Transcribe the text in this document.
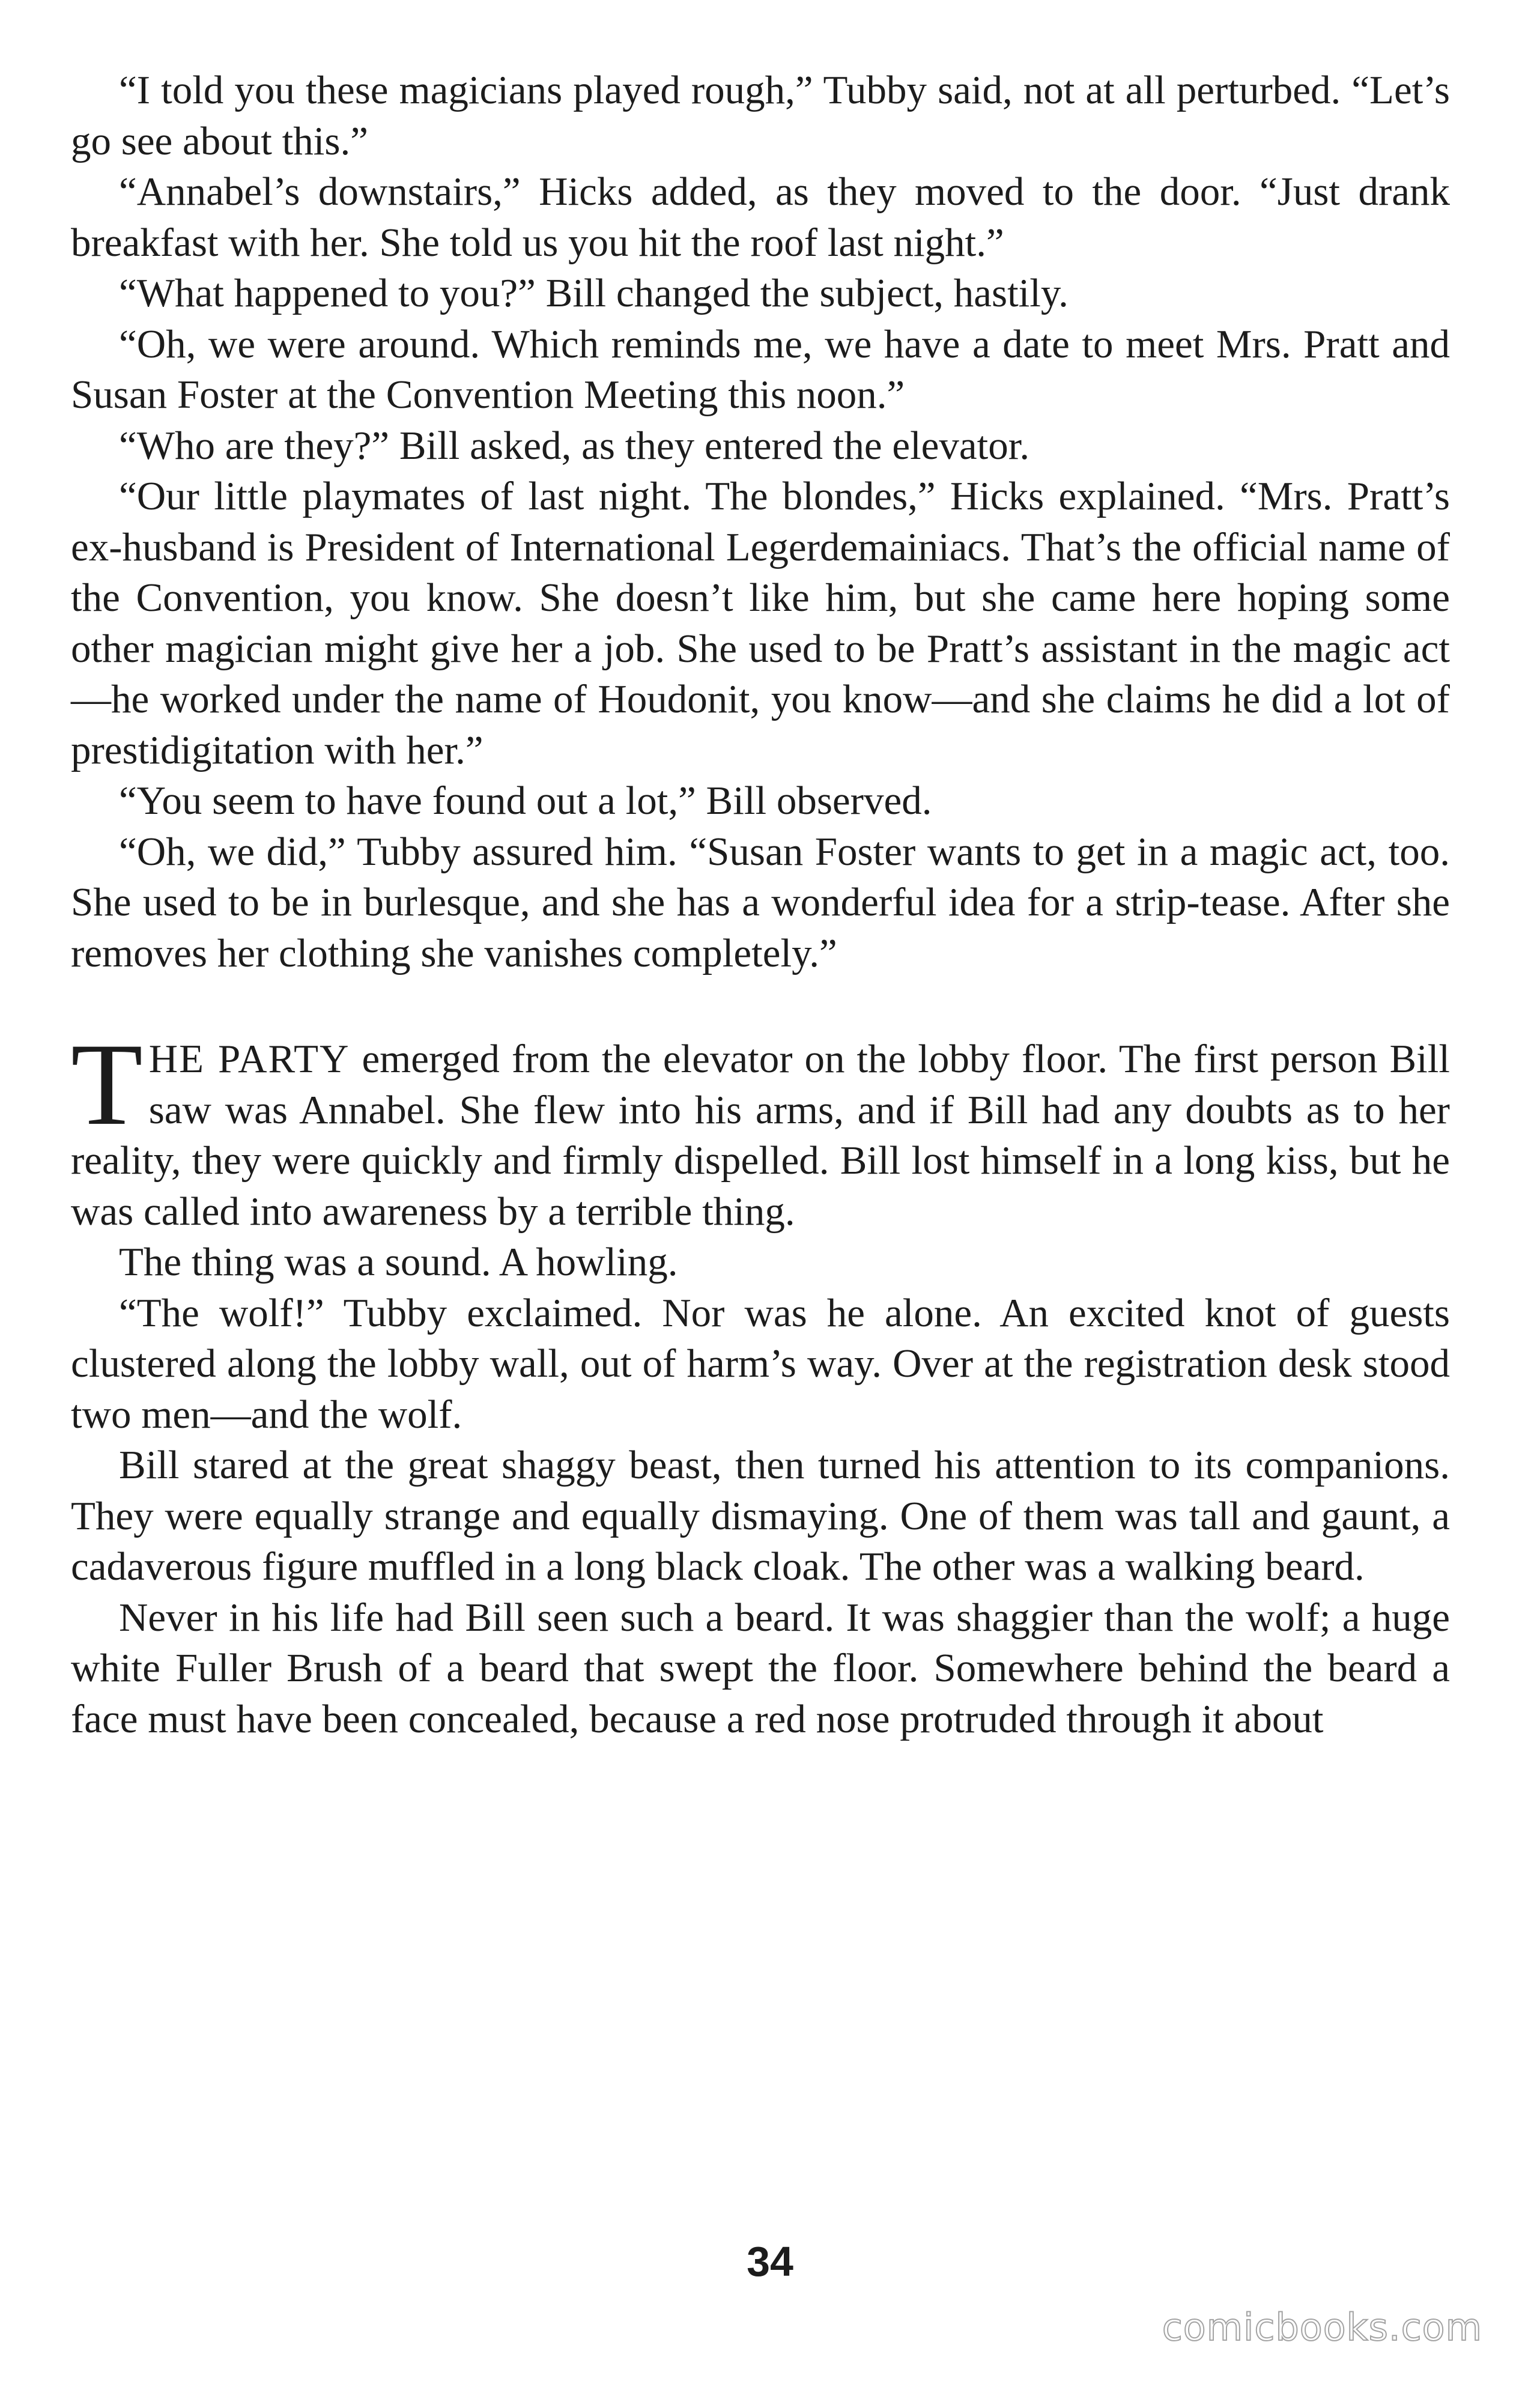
“I told you these magicians played rough,” Tubby said, not at all perturbed. “Let’s go see about this.”

“Annabel’s downstairs,” Hicks added, as they moved to the door. “Just drank breakfast with her. She told us you hit the roof last night.”

“What happened to you?” Bill changed the subject, hastily.

“Oh, we were around. Which reminds me, we have a date to meet Mrs. Pratt and Susan Foster at the Convention Meeting this noon.”

“Who are they?” Bill asked, as they entered the elevator.

“Our little playmates of last night. The blondes,” Hicks explained. “Mrs. Pratt’s ex-husband is President of International Legerdemainiacs. That’s the official name of the Convention, you know. She doesn’t like him, but she came here hoping some other magician might give her a job. She used to be Pratt’s assistant in the magic act—he worked under the name of Houdonit, you know—and she claims he did a lot of prestidigitation with her.”

“You seem to have found out a lot,” Bill observed.

“Oh, we did,” Tubby assured him. “Susan Foster wants to get in a magic act, too. She used to be in burlesque, and she has a wonderful idea for a strip-tease. After she removes her clothing she vanishes completely.”

THE PARTY emerged from the elevator on the lobby floor. The first person Bill saw was Annabel. She flew into his arms, and if Bill had any doubts as to her reality, they were quickly and firmly dispelled. Bill lost himself in a long kiss, but he was called into awareness by a terrible thing.

The thing was a sound. A howling.

“The wolf!” Tubby exclaimed. Nor was he alone. An excited knot of guests clustered along the lobby wall, out of harm’s way. Over at the registration desk stood two men—and the wolf.

Bill stared at the great shaggy beast, then turned his attention to its companions. They were equally strange and equally dismaying. One of them was tall and gaunt, a cadaverous figure muffled in a long black cloak. The other was a walking beard.

Never in his life had Bill seen such a beard. It was shaggier than the wolf; a huge white Fuller Brush of a beard that swept the floor. Somewhere behind the beard a face must have been concealed, because a red nose protruded through it about

34
comicbooks.com
